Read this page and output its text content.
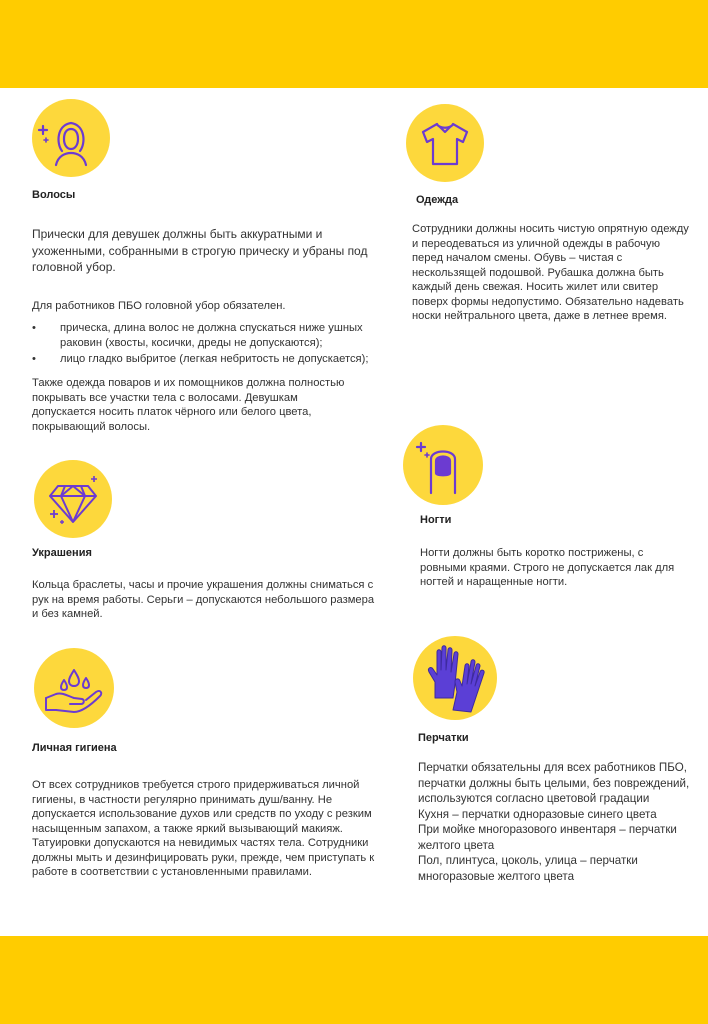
Волосы
Прически для девушек должны быть аккуратными и ухоженными, собранными в строгую прическу и убраны под головной убор.
Для работников ПБО головной убор обязателен.
• прическа, длина волос не должна спускаться ниже ушных раковин (хвосты, косички, дреды не допускаются);
• лицо гладко выбритое (легкая небритость не допускается);
Также одежда поваров и их помощников должна полностью покрывать все участки тела с волосами. Девушкам допускается носить платок чёрного или белого цвета, покрывающий волосы.
Одежда
Сотрудники должны носить чистую опрятную одежду и переодеваться из уличной одежды в рабочую перед началом смены. Обувь – чистая с нескользящей подошвой. Рубашка должна быть каждый день свежая. Носить жилет или свитер поверх формы недопустимо. Обязательно надевать носки нейтрального цвета, даже в летнее время.
Украшения
Кольца браслеты, часы и прочие украшения должны сниматься с рук на время работы. Серьги – допускаются небольшого размера и без камней.
Ногти
Ногти должны быть коротко пострижены, с ровными краями. Строго не допускается лак для ногтей и наращенные ногти.
Личная гигиена
От всех сотрудников требуется строго придерживаться личной гигиены, в частности регулярно принимать душ/ванну. Не допускается использование духов или средств по уходу с резким насыщенным запахом, а также яркий вызывающий макияж. Татуировки допускаются на невидимых частях тела. Сотрудники должны мыть и дезинфицировать руки, прежде, чем приступать к работе в соответствии с установленными правилами.
Перчатки

Перчатки обязательны для всех работников ПБО, перчатки должны быть целыми, без повреждений, используются согласно цветовой градации

Кухня – перчатки одноразовые синего цвета

При мойке многоразового инвентаря – перчатки желтого цвета

Пол, плинтуса, цоколь, улица – перчатки многоразовые желтого цвета
